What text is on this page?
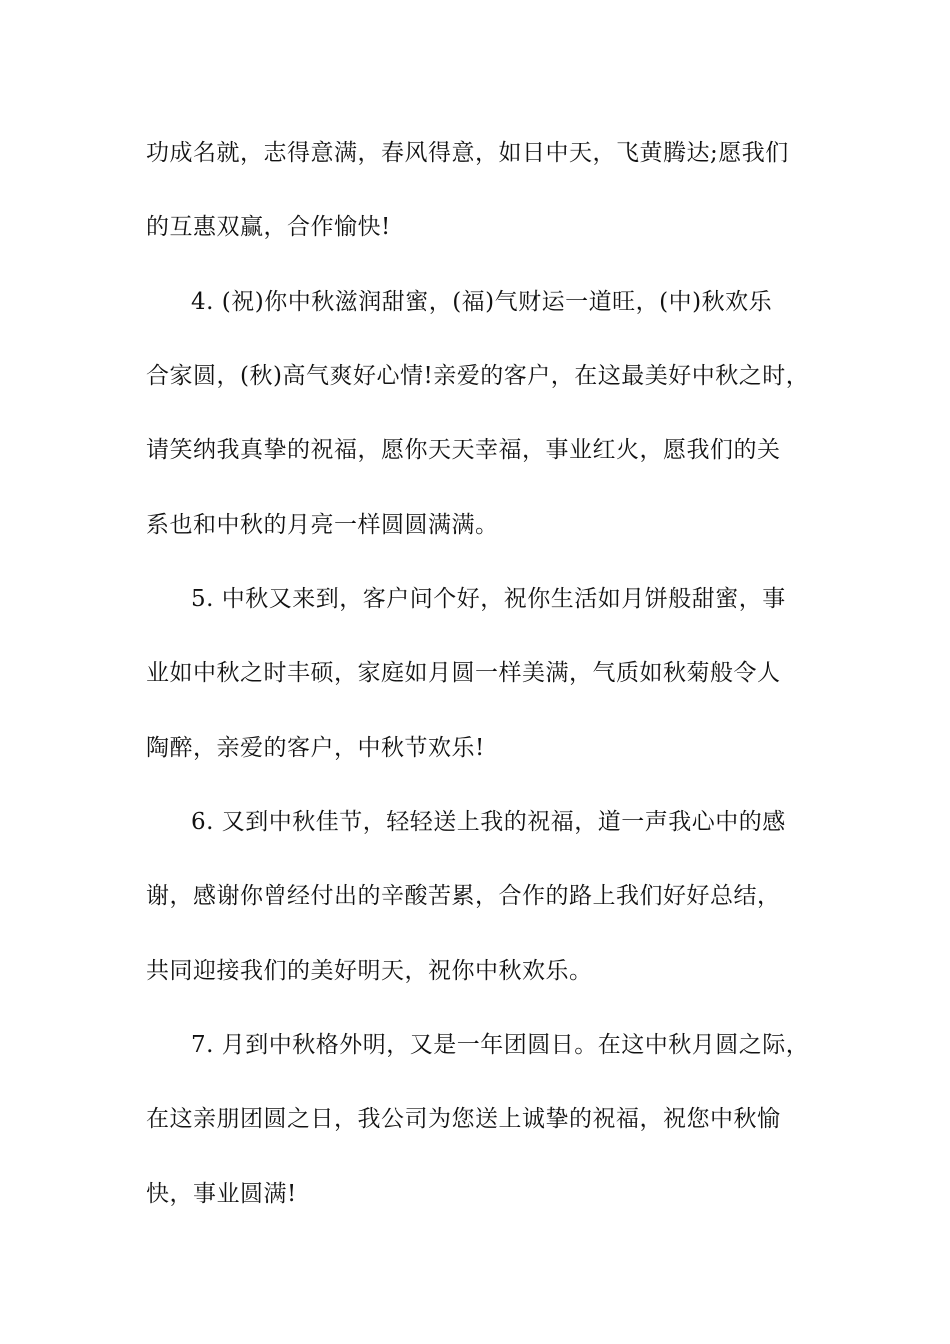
功成名就，志得意满，春风得意，如日中天，飞黄腾达;愿我们
的互惠双赢，合作愉快!
4. (祝)你中秋滋润甜蜜，(福)气财运一道旺，(中)秋欢乐
合家圆，(秋)高气爽好心情!亲爱的客户，在这最美好中秋之时，
请笑纳我真挚的祝福，愿你天天幸福，事业红火，愿我们的关
系也和中秋的月亮一样圆圆满满。
5. 中秋又来到，客户问个好，祝你生活如月饼般甜蜜，事
业如中秋之时丰硕，家庭如月圆一样美满，气质如秋菊般令人
陶醉，亲爱的客户，中秋节欢乐!
6. 又到中秋佳节，轻轻送上我的祝福，道一声我心中的感
谢，感谢你曾经付出的辛酸苦累，合作的路上我们好好总结，
共同迎接我们的美好明天，祝你中秋欢乐。
7. 月到中秋格外明，又是一年团圆日。在这中秋月圆之际，
在这亲朋团圆之日，我公司为您送上诚挚的祝福，祝您中秋愉
快，事业圆满!
